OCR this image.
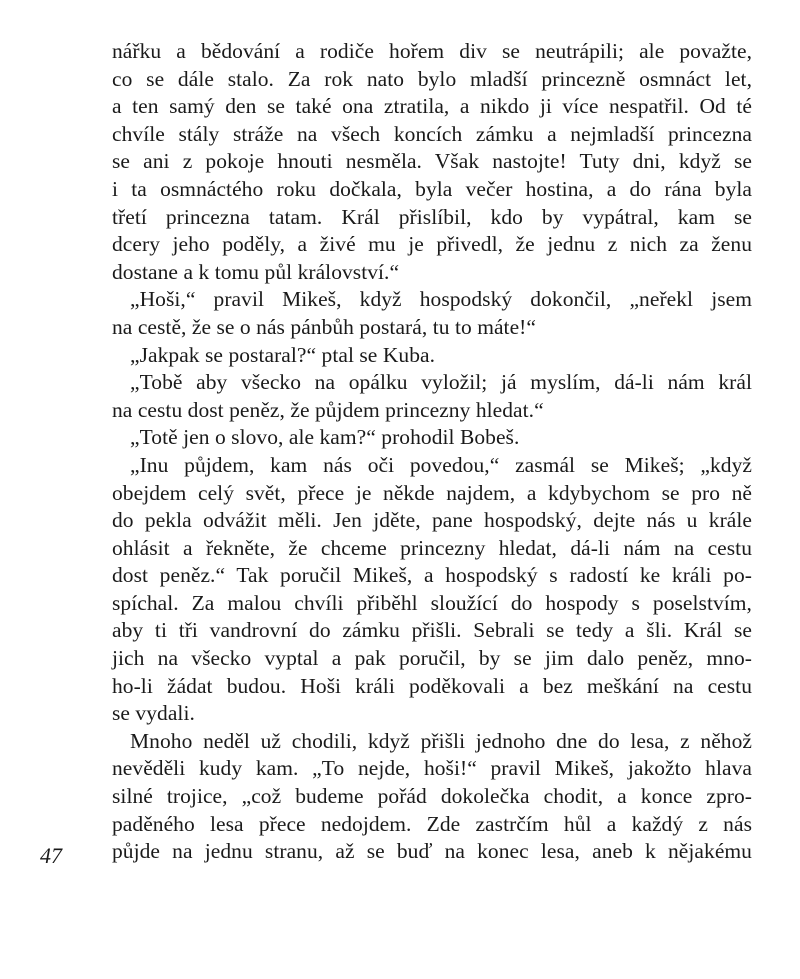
nářku a bědování a rodiče hořem div se neutrápili; ale považte,
co se dále stalo. Za rok nato bylo mladší princezně osmnáct let,
a ten samý den se také ona ztratila, a nikdo ji více nespatřil. Od té
chvíle stály stráže na všech koncích zámku a nejmladší princezna
se ani z pokoje hnouti nesměla. Však nastojte! Tuty dni, když se
i ta osmnáctého roku dočkala, byla večer hostina, a do rána byla
třetí princezna tatam. Král přislíbil, kdo by vypátral, kam se
dcery jeho poděly, a živé mu je přivedl, že jednu z nich za ženu
dostane a k tomu půl království.“
„Hoši,“ pravil Mikeš, když hospodský dokončil, „neřekl jsem
na cestě, že se o nás pánbůh postará, tu to máte!“
„Jakpak se postaral?“ ptal se Kuba.
„Tobě aby všecko na opálku vyložil; já myslím, dá-li nám král
na cestu dost peněz, že půjdem princezny hledat.“
„Totě jen o slovo, ale kam?“ prohodil Bobeš.
„Inu půjdem, kam nás oči povedou,“ zasmál se Mikeš; „když
obejdem celý svět, přece je někde najdem, a kdybychom se pro ně
do pekla odvážit měli. Jen jděte, pane hospodský, dejte nás u krále
ohlásit a řekněte, že chceme princezny hledat, dá-li nám na cestu
dost peněz.“ Tak poručil Mikeš, a hospodský s radostí ke králi po-
spíchal. Za malou chvíli přiběhl sloužící do hospody s poselstvím,
aby ti tři vandrovní do zámku přišli. Sebrali se tedy a šli. Král se
jich na všecko vyptal a pak poručil, by se jim dalo peněz, mno-
ho-li žádat budou. Hoši králi poděkovali a bez meškání na cestu
se vydali.
Mnoho neděl už chodili, když přišli jednoho dne do lesa, z něhož
nevěděli kudy kam. „To nejde, hoši!“ pravil Mikeš, jakožto hlava
silné trojice, „což budeme pořád dokolečka chodit, a konce zpro-
paděného lesa přece nedojdem. Zde zastrčím hůl a každý z nás
půjde na jednu stranu, až se buď na konec lesa, aneb k nějakému
47
